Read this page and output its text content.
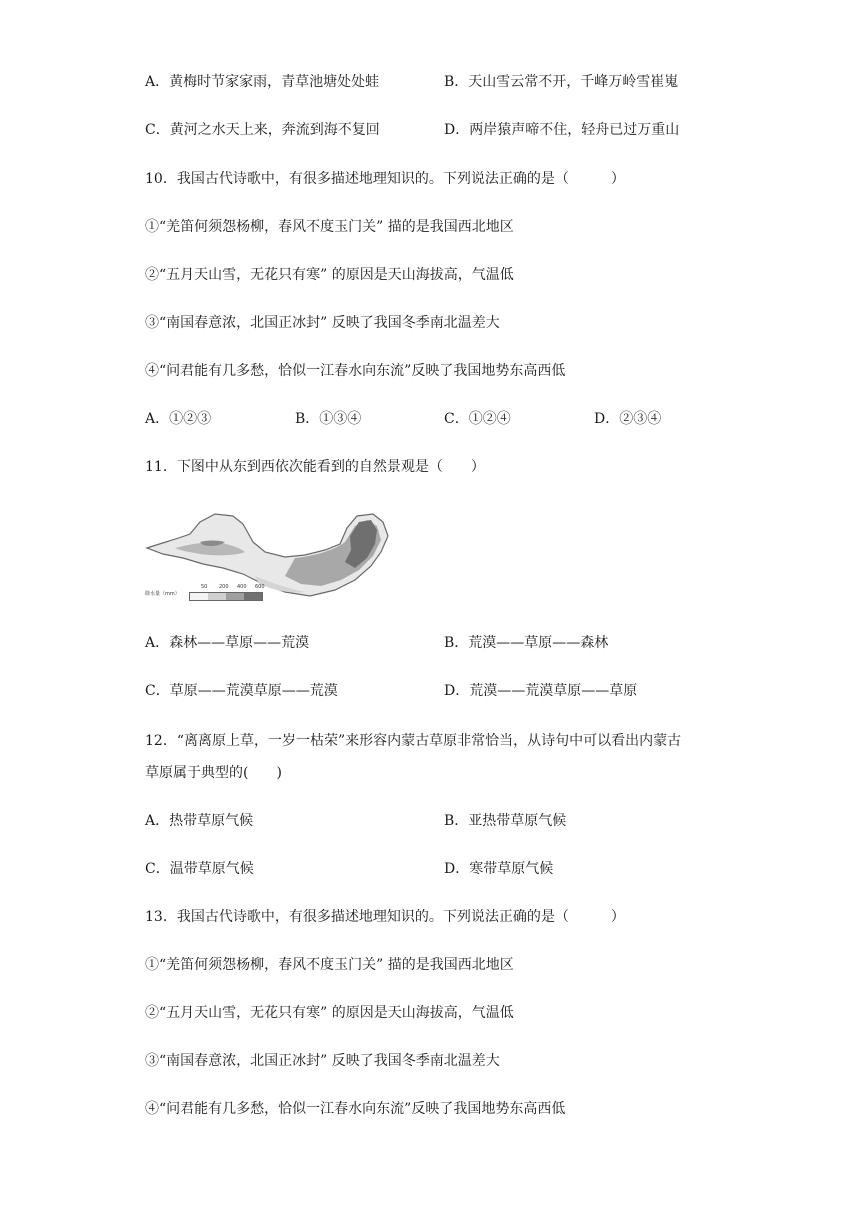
A．黄梅时节家家雨，青草池塘处处蛙	B．天山雪云常不开，千峰万岭雪崔嵬
C．黄河之水天上来，奔流到海不复回	D．两岸猿声啼不住，轻舟已过万重山
10．我国古代诗歌中，有很多描述地理知识的。下列说法正确的是（　　　）
①“羌笛何须怨杨柳，春风不度玉门关” 描的是我国西北地区
②“五月天山雪，无花只有寒” 的原因是天山海拔高，气温低
③“南国春意浓，北国正冰封” 反映了我国冬季南北温差大
④“问君能有几多愁，恰似一江春水向东流”反映了我国地势东高西低
A．①②③	B．①③④	C．①②④	D．②③④
11．下图中从东到西依次能看到的自然景观是（　　）
降水量（mm）
50 200 400 600
A．森林——草原——荒漠	B．荒漠——草原——森林
C．草原——荒漠草原——荒漠	D．荒漠——荒漠草原——草原
12．“离离原上草，一岁一枯荣”来形容内蒙古草原非常恰当，从诗句中可以看出内蒙古
草原属于典型的(　　)
A．热带草原气候	B．亚热带草原气候
C．温带草原气候	D．寒带草原气候
13．我国古代诗歌中，有很多描述地理知识的。下列说法正确的是（　　　）
①“羌笛何须怨杨柳，春风不度玉门关” 描的是我国西北地区
②“五月天山雪，无花只有寒” 的原因是天山海拔高，气温低
③“南国春意浓，北国正冰封” 反映了我国冬季南北温差大
④“问君能有几多愁，恰似一江春水向东流”反映了我国地势东高西低
